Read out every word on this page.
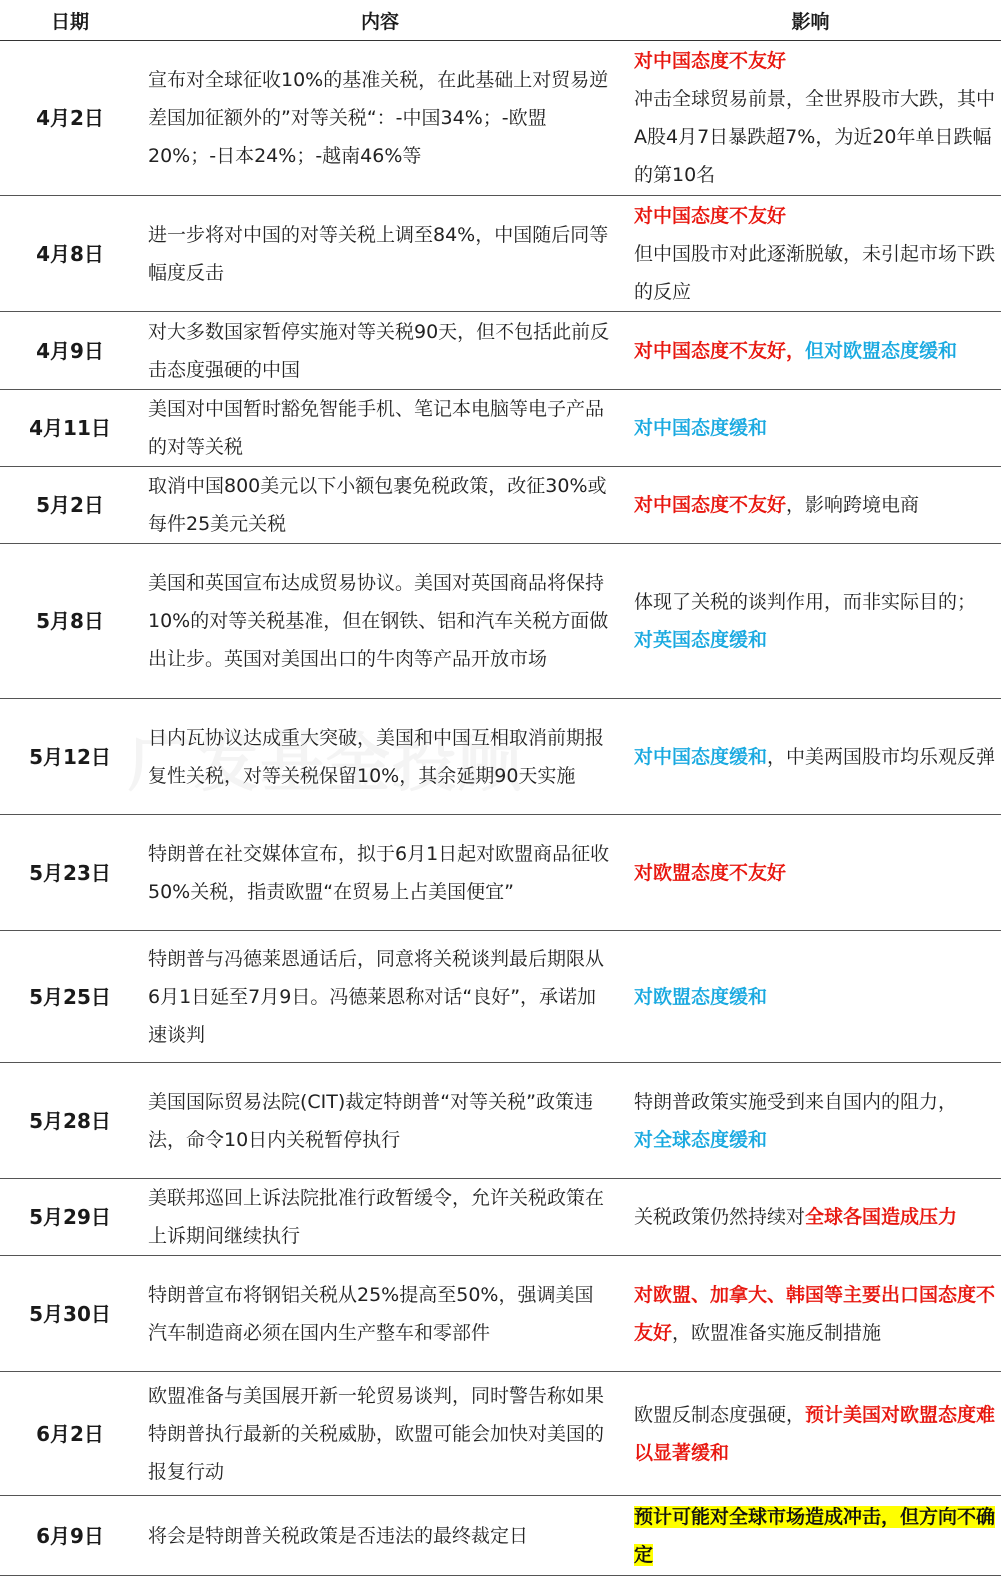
日期	内容	影响
4月2日	宣布对全球征收10%的基准关税，在此基础上对贸易逆差国加征额外的”对等关税“：-中国34%；-欧盟20%；-日本24%；-越南46%等	对中国态度不友好
冲击全球贸易前景，全世界股市大跌，其中A股4月7日暴跌超7%，为近20年单日跌幅的第10名
4月8日	进一步将对中国的对等关税上调至84%，中国随后同等幅度反击	对中国态度不友好
但中国股市对此逐渐脱敏，未引起市场下跌的反应
4月9日	对大多数国家暂停实施对等关税90天，但不包括此前反击态度强硬的中国	对中国态度不友好，但对欧盟态度缓和
4月11日	美国对中国暂时豁免智能手机、笔记本电脑等电子产品的对等关税	对中国态度缓和
5月2日	取消中国800美元以下小额包裹免税政策，改征30%或每件25美元关税	对中国态度不友好，影响跨境电商
5月8日	美国和英国宣布达成贸易协议。美国对英国商品将保持10%的对等关税基准，但在钢铁、铝和汽车关税方面做出让步。英国对美国出口的牛肉等产品开放市场	体现了关税的谈判作用，而非实际目的；
对英国态度缓和
5月12日	日内瓦协议达成重大突破，美国和中国互相取消前期报复性关税，对等关税保留10%，其余延期90天实施	对中国态度缓和，中美两国股市均乐观反弹
5月23日	特朗普在社交媒体宣布，拟于6月1日起对欧盟商品征收50%关税，指责欧盟“在贸易上占美国便宜”	对欧盟态度不友好
5月25日	特朗普与冯德莱恩通话后，同意将关税谈判最后期限从6月1日延至7月9日。冯德莱恩称对话“良好”，承诺加速谈判	对欧盟态度缓和
5月28日	美国国际贸易法院(CIT)裁定特朗普“对等关税”政策违法，命令10日内关税暂停执行	特朗普政策实施受到来自国内的阻力，
对全球态度缓和
5月29日	美联邦巡回上诉法院批准行政暂缓令，允许关税政策在上诉期间继续执行	关税政策仍然持续对全球各国造成压力
5月30日	特朗普宣布将钢铝关税从25%提高至50%，强调美国汽车制造商必须在国内生产整车和零部件	对欧盟、加拿大、韩国等主要出口国态度不友好，欧盟准备实施反制措施
6月2日	欧盟准备与美国展开新一轮贸易谈判，同时警告称如果特朗普执行最新的关税威胁，欧盟可能会加快对美国的报复行动	欧盟反制态度强硬，预计美国对欧盟态度难以显著缓和
6月9日	将会是特朗普关税政策是否违法的最终裁定日	预计可能对全球市场造成冲击，但方向不确定
